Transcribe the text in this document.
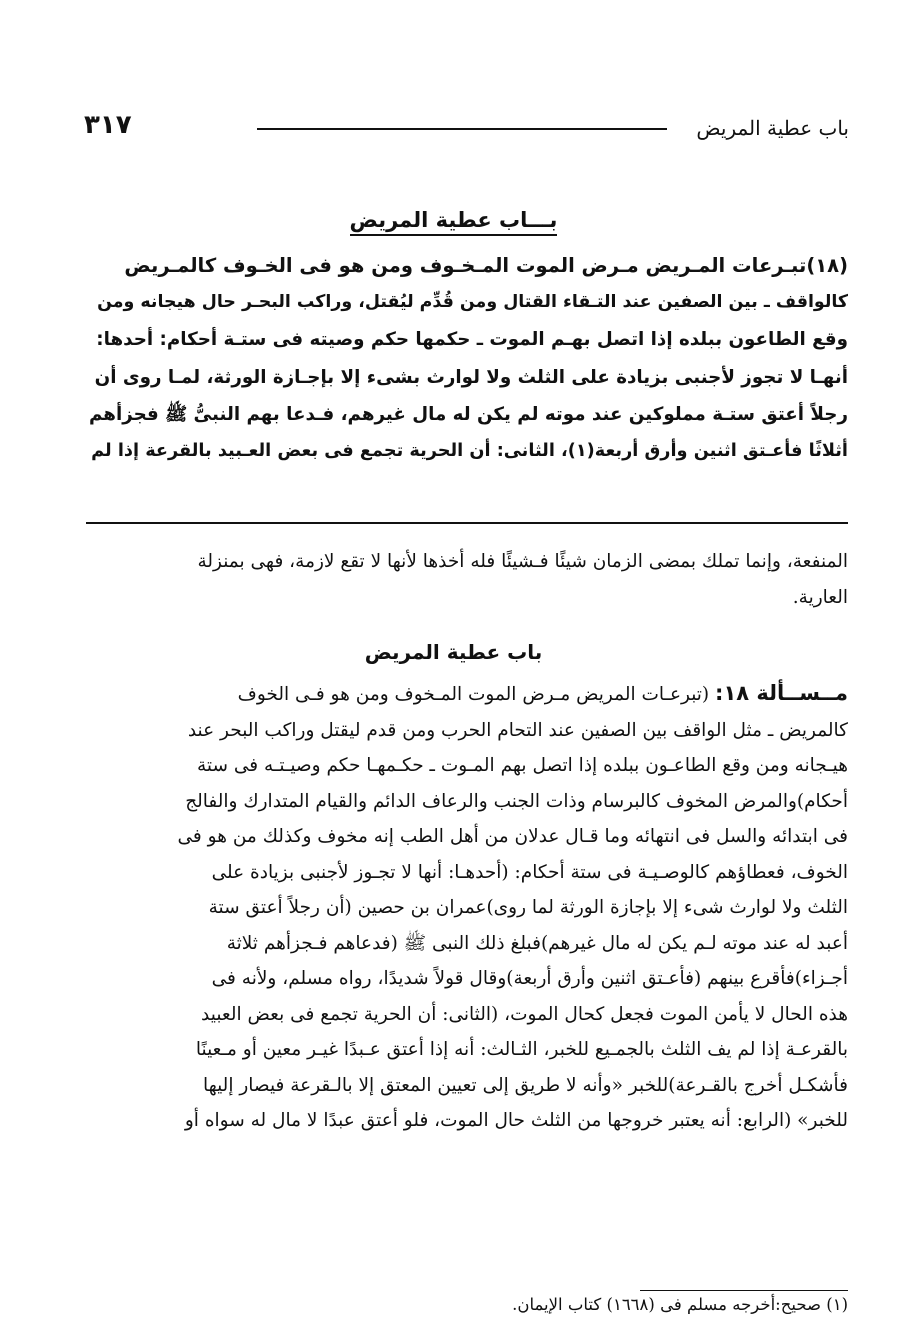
باب عطية المريض
٣١٧
بـــاب عطية المريض

(١٨)تبـرعات المـريض مـرض الموت المـخـوف ومن هو فى الخـوف كالمـريض

كالواقف ـ بين الصفين عند التـقاء القتال ومن قُدِّم ليُقتل، وراكب البحـر حال هيجانه ومن

وقع الطاعون ببلده إذا اتصل بهـم الموت ـ حكمها حكم وصيته فى ستـة أحكام: أحدها:

أنهـا لا تجوز لأجنبى بزيادة على الثلث ولا لوارث بشىء إلا بإجـازة الورثة، لمـا روى أن

رجلاً أعتق ستـة مملوكين عند موته لم يكن له مال غيرهم، فـدعا بهم النبىُّ ﷺ فجزأهم

أثلاثًا فأعـتق اثنين وأرق أربعة(١)، الثانى: أن الحرية تجمع فى بعض العـبيد بالقرعة إذا لم

المنفعة، وإنما تملك بمضى الزمان شيئًا فـشيئًا فله أخذها لأنها لا تقع لازمة، فهى بمنزلة

العارية.

باب عطية المريض

مــســألة ١٨: (تبرعـات المريض مـرض الموت المـخوف ومن هو فـى الخوف

كالمريض ـ مثل الواقف بين الصفين عند التحام الحرب ومن قدم ليقتل وراكب البحر عند

هيـجانه ومن وقع الطاعـون ببلده إذا اتصل بهم المـوت ـ حكـمهـا حكم وصيـتـه فى ستة

أحكام)والمرض المخوف كالبرسام وذات الجنب والرعاف الدائم والقيام المتدارك والفالج

فى ابتدائه والسل فى انتهائه وما قـال عدلان من أهل الطب إنه مخوف وكذلك من هو فى

الخوف، فعطاؤهم كالوصـيـة فى ستة أحكام: (أحدهـا: أنها لا تجـوز لأجنبى بزيادة على

الثلث ولا لوارث شىء إلا بإجازة الورثة لما روى)عمران بن حصين (أن رجلاً أعتق ستة

أعبد له عند موته لـم يكن له مال غيرهم)فبلغ ذلك النبى ﷺ (فدعاهم فـجزأهم ثلاثة

أجـزاء)فأقرع بينهم (فأعـتق اثنين وأرق أربعة)وقال قولاً شديدًا، رواه مسلم، ولأنه فى

هذه الحال لا يأمن الموت فجعل كحال الموت، (الثانى: أن الحرية تجمع فى بعض العبيد

بالقرعـة إذا لم يف الثلث بالجمـيع للخبر، الثـالث: أنه إذا أعتق عـبدًا غيـر معين أو مـعينًا

فأشكـل أخرج بالقـرعة)للخبر «وأنه لا طريق إلى تعيين المعتق إلا بالـقرعة فيصار إليها

للخبر» (الرابع: أنه يعتبر خروجها من الثلث حال الموت، فلو أعتق عبدًا لا مال له سواه أو

(١) صحيح:أخرجه مسلم فى (١٦٦٨) كتاب الإيمان.
